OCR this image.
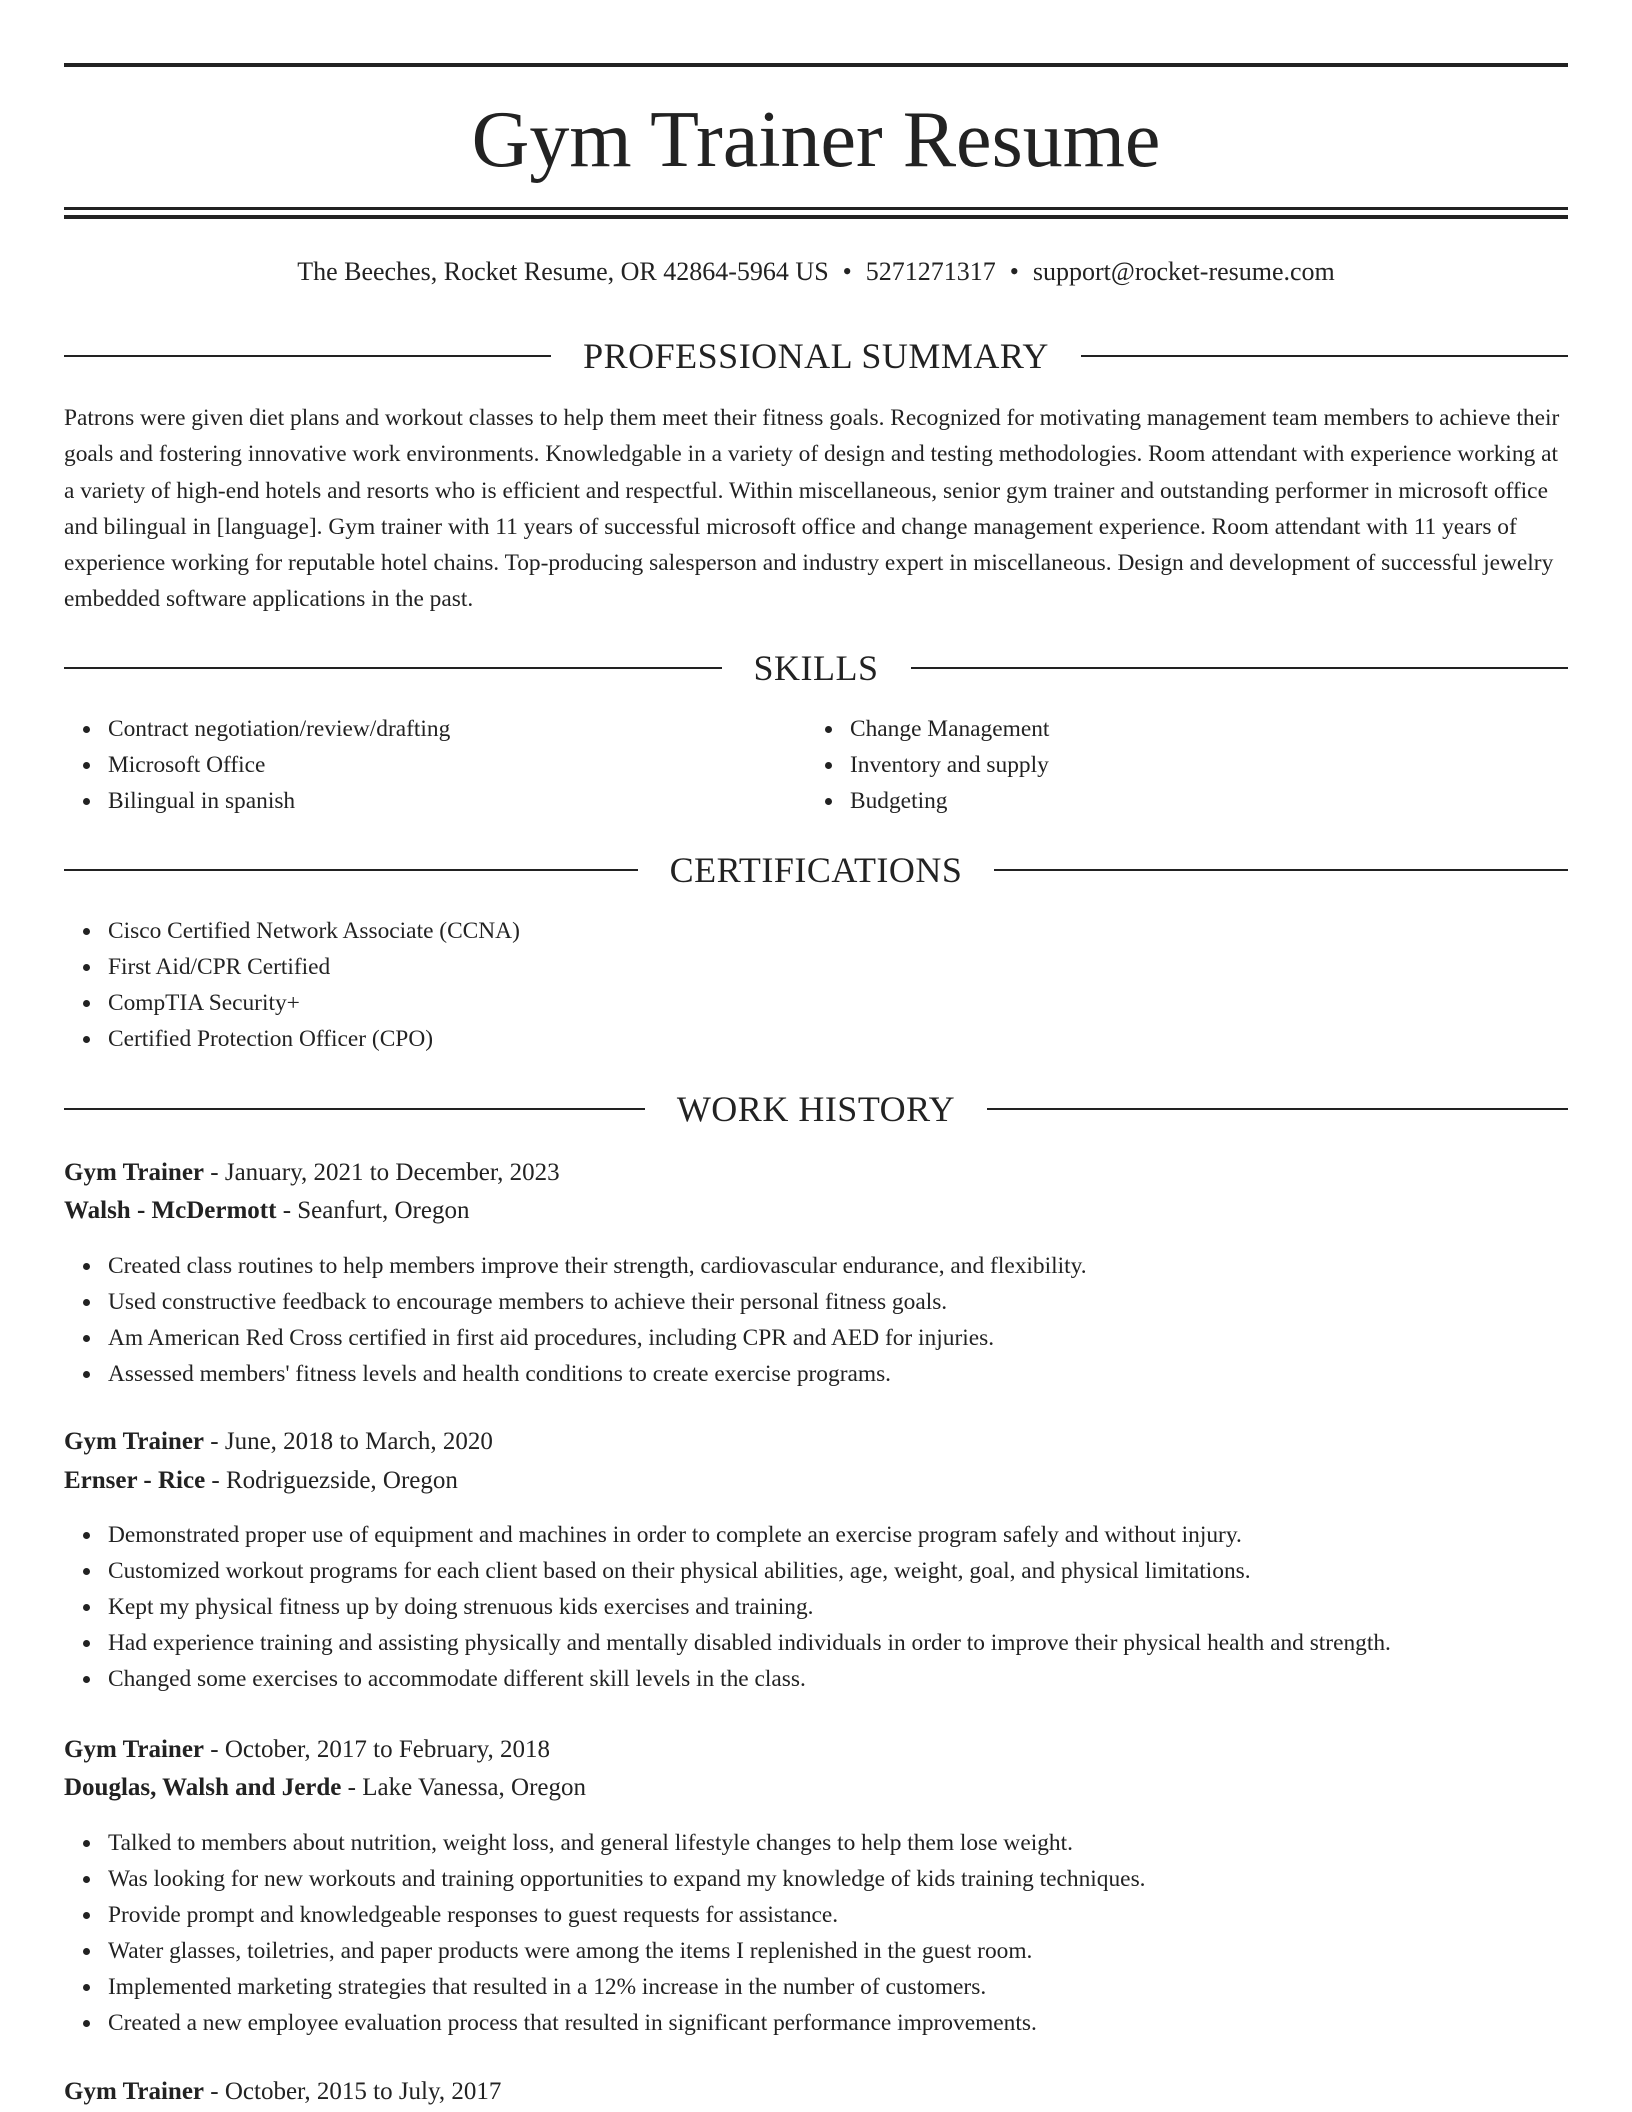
Gym Trainer Resume
The Beeches, Rocket Resume, OR 42864-5964 US • 5271271317 • support@rocket-resume.com
PROFESSIONAL SUMMARY

Patrons were given diet plans and workout classes to help them meet their fitness goals. Recognized for motivating management team members to achieve their goals and fostering innovative work environments. Knowledgable in a variety of design and testing methodologies. Room attendant with experience working at a variety of high-end hotels and resorts who is efficient and respectful. Within miscellaneous, senior gym trainer and outstanding performer in microsoft office and bilingual in [language]. Gym trainer with 11 years of successful microsoft office and change management experience. Room attendant with 11 years of experience working for reputable hotel chains. Top-producing salesperson and industry expert in miscellaneous. Design and development of successful jewelry embedded software applications in the past.

SKILLS
Contract negotiation/review/drafting
Microsoft Office
Bilingual in spanish
Change Management
Inventory and supply
Budgeting
CERTIFICATIONS
Cisco Certified Network Associate (CCNA)
First Aid/CPR Certified
CompTIA Security+
Certified Protection Officer (CPO)
WORK HISTORY
Gym Trainer - January, 2021 to December, 2023
Walsh - McDermott - Seanfurt, Oregon
Created class routines to help members improve their strength, cardiovascular endurance, and flexibility.
Used constructive feedback to encourage members to achieve their personal fitness goals.
Am American Red Cross certified in first aid procedures, including CPR and AED for injuries.
Assessed members' fitness levels and health conditions to create exercise programs.
Gym Trainer - June, 2018 to March, 2020
Ernser - Rice - Rodriguezside, Oregon
Demonstrated proper use of equipment and machines in order to complete an exercise program safely and without injury.
Customized workout programs for each client based on their physical abilities, age, weight, goal, and physical limitations.
Kept my physical fitness up by doing strenuous kids exercises and training.
Had experience training and assisting physically and mentally disabled individuals in order to improve their physical health and strength.
Changed some exercises to accommodate different skill levels in the class.
Gym Trainer - October, 2017 to February, 2018
Douglas, Walsh and Jerde - Lake Vanessa, Oregon
Talked to members about nutrition, weight loss, and general lifestyle changes to help them lose weight.
Was looking for new workouts and training opportunities to expand my knowledge of kids training techniques.
Provide prompt and knowledgeable responses to guest requests for assistance.
Water glasses, toiletries, and paper products were among the items I replenished in the guest room.
Implemented marketing strategies that resulted in a 12% increase in the number of customers.
Created a new employee evaluation process that resulted in significant performance improvements.
Gym Trainer - October, 2015 to July, 2017
